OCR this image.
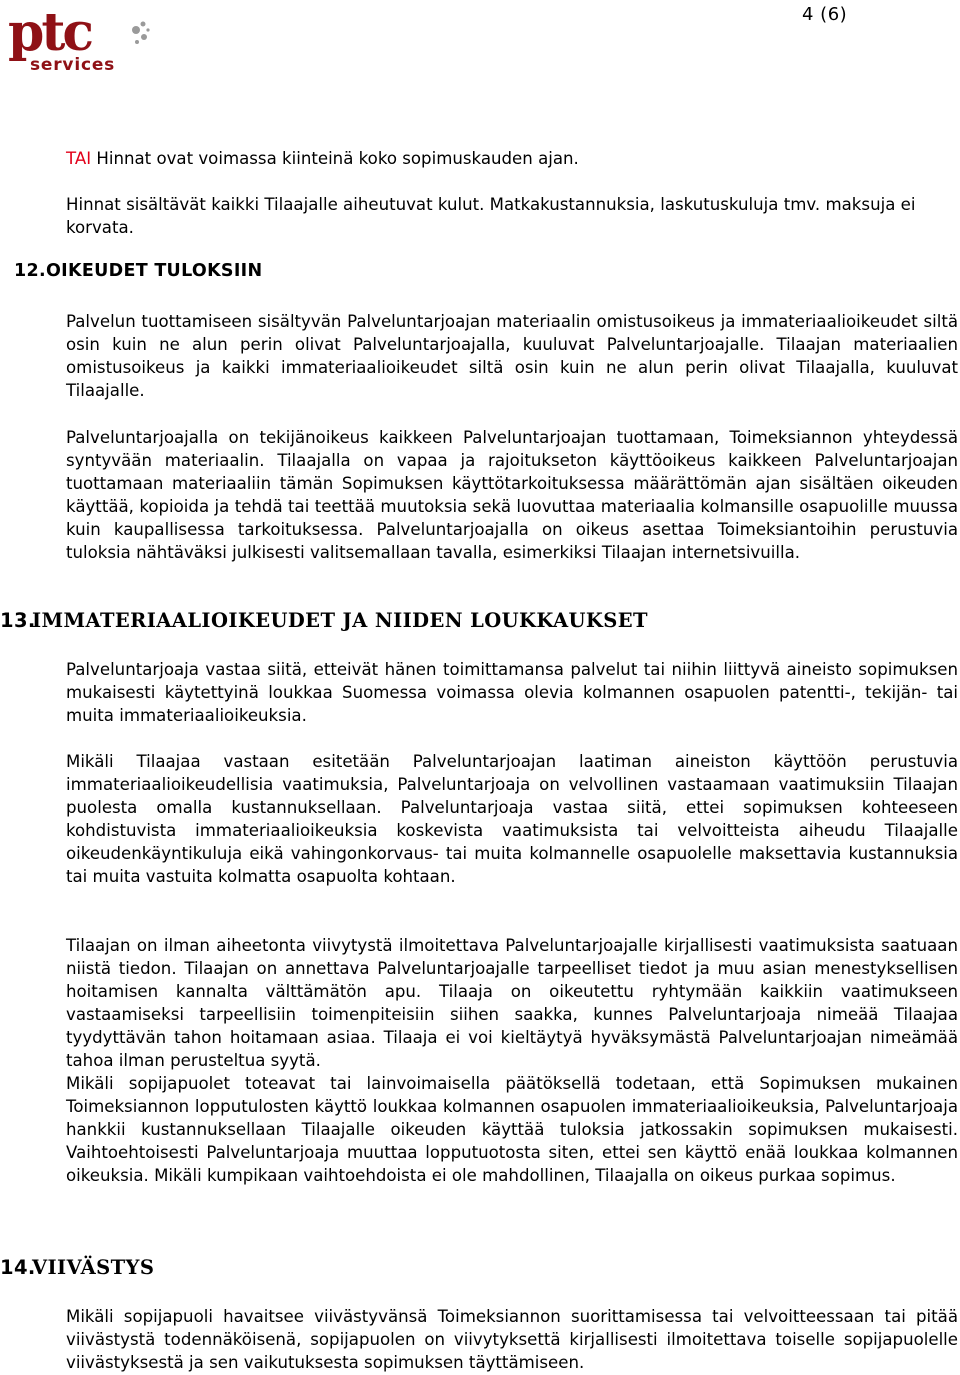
ptc
services
4 (6)

TAI Hinnat ovat voimassa kiinteinä koko sopimuskauden ajan.

Hinnat sisältävät kaikki Tilaajalle aiheutuvat kulut. Matkakustannuksia, laskutuskuluja tmv. maksuja ei korvata.

12.OIKEUDET TULOKSIIN

Palvelun tuottamiseen sisältyvän Palveluntarjoajan materiaalin omistusoikeus ja immateriaalioikeudet siltä osin kuin ne alun perin olivat Palveluntarjoajalla, kuuluvat Palveluntarjoajalle. Tilaajan materiaalien omistusoikeus ja kaikki immateriaalioikeudet siltä osin kuin ne alun perin olivat Tilaajalla, kuuluvat Tilaajalle.

Palveluntarjoajalla on tekijänoikeus kaikkeen Palveluntarjoajan tuottamaan, Toimeksiannon yhteydessä syntyvään materiaalin. Tilaajalla on vapaa ja rajoitukseton käyttöoikeus kaikkeen Palveluntarjoajan tuottamaan materiaaliin tämän Sopimuksen käyttötarkoituksessa määrättömän ajan sisältäen oikeuden käyttää, kopioida ja tehdä tai teettää muutoksia sekä luovuttaa materiaalia kolmansille osapuolille muussa kuin kaupallisessa tarkoituksessa. Palveluntarjoajalla on oikeus asettaa Toimeksiantoihin perustuvia tuloksia nähtäväksi julkisesti valitsemallaan tavalla, esimerkiksi Tilaajan internetsivuilla.

13.IMMATERIAALIOIKEUDET JA NIIDEN LOUKKAUKSET

Palveluntarjoaja vastaa siitä, etteivät hänen toimittamansa palvelut tai niihin liittyvä aineisto sopimuksen mukaisesti käytettyinä loukkaa Suomessa voimassa olevia kolmannen osapuolen patentti-, tekijän- tai muita immateriaalioikeuksia.

Mikäli Tilaajaa vastaan esitetään Palveluntarjoajan laatiman aineiston käyttöön perustuvia immateriaalioikeudellisia vaatimuksia, Palveluntarjoaja on velvollinen vastaamaan vaatimuksiin Tilaajan puolesta omalla kustannuksellaan. Palveluntarjoaja vastaa siitä, ettei sopimuksen kohteeseen kohdistuvista immateriaalioikeuksia koskevista vaatimuksista tai velvoitteista aiheudu Tilaajalle oikeudenkäyntikuluja eikä vahingonkorvaus- tai muita kolmannelle osapuolelle maksettavia kustannuksia tai muita vastuita kolmatta osapuolta kohtaan.

Tilaajan on ilman aiheetonta viivytystä ilmoitettava Palveluntarjoajalle kirjallisesti vaatimuksista saatuaan niistä tiedon. Tilaajan on annettava Palveluntarjoajalle tarpeelliset tiedot ja muu asian menestyksellisen hoitamisen kannalta välttämätön apu. Tilaaja on oikeutettu ryhtymään kaikkiin vaatimukseen vastaamiseksi tarpeellisiin toimenpiteisiin siihen saakka, kunnes Palveluntarjoaja nimeää Tilaajaa tyydyttävän tahon hoitamaan asiaa. Tilaaja ei voi kieltäytyä hyväksymästä Palveluntarjoajan nimeämää tahoa ilman perusteltua syytä.

Mikäli sopijapuolet toteavat tai lainvoimaisella päätöksellä todetaan, että Sopimuksen mukainen Toimeksiannon lopputulosten käyttö loukkaa kolmannen osapuolen immateriaalioikeuksia, Palveluntarjoaja hankkii kustannuksellaan Tilaajalle oikeuden käyttää tuloksia jatkossakin sopimuksen mukaisesti. Vaihtoehtoisesti Palveluntarjoaja muuttaa lopputuotosta siten, ettei sen käyttö enää loukkaa kolmannen oikeuksia. Mikäli kumpikaan vaihtoehdoista ei ole mahdollinen, Tilaajalla on oikeus purkaa sopimus.

14.VIIVÄSTYS

Mikäli sopijapuoli havaitsee viivästyvänsä Toimeksiannon suorittamisessa tai velvoitteessaan tai pitää viivästystä todennäköisenä, sopijapuolen on viivytyksettä kirjallisesti ilmoitettava toiselle sopijapuolelle viivästyksestä ja sen vaikutuksesta sopimuksen täyttämiseen.
